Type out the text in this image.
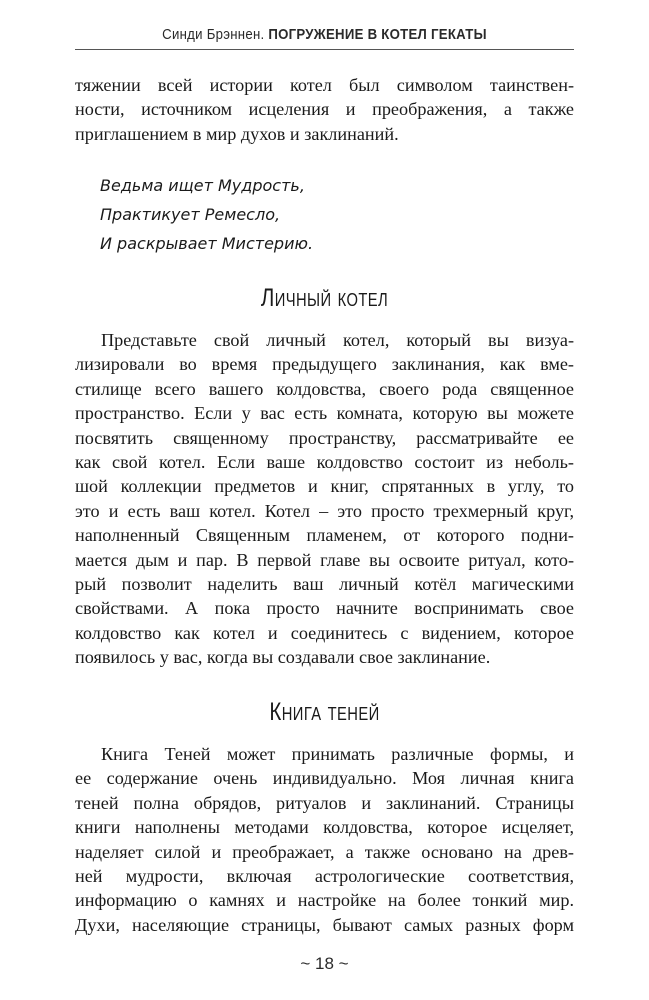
Синди Брэннен. ПОГРУЖЕНИЕ В КОТЕЛ ГЕКАТЫ
тяжении всей истории котел был символом таинствен-
ности, источником исцеления и преображения, а также
приглашением в мир духов и заклинаний.
Ведьма ищет Мудрость,
Практикует Ремесло,
И раскрывает Мистерию.
Личный котел
Представьте свой личный котел, который вы визуа-
лизировали во время предыдущего заклинания, как вме-
стилище всего вашего колдовства, своего рода священное
пространство. Если у вас есть комната, которую вы можете
посвятить священному пространству, рассматривайте ее
как свой котел. Если ваше колдовство состоит из неболь-
шой коллекции предметов и книг, спрятанных в углу, то
это и есть ваш котел. Котел – это просто трехмерный круг,
наполненный Священным пламенем, от которого подни-
мается дым и пар. В первой главе вы освоите ритуал, кото-
рый позволит наделить ваш личный котёл магическими
свойствами. А пока просто начните воспринимать свое
колдовство как котел и соединитесь с видением, которое
появилось у вас, когда вы создавали свое заклинание.
Книга теней
Книга Теней может принимать различные формы, и
ее содержание очень индивидуально. Моя личная книга
теней полна обрядов, ритуалов и заклинаний. Страницы
книги наполнены методами колдовства, которое исцеляет,
наделяет силой и преображает, а также основано на древ-
ней мудрости, включая астрологические соответствия,
информацию о камнях и настройке на более тонкий мир.
Духи, населяющие страницы, бывают самых разных форм
~ 18 ~
